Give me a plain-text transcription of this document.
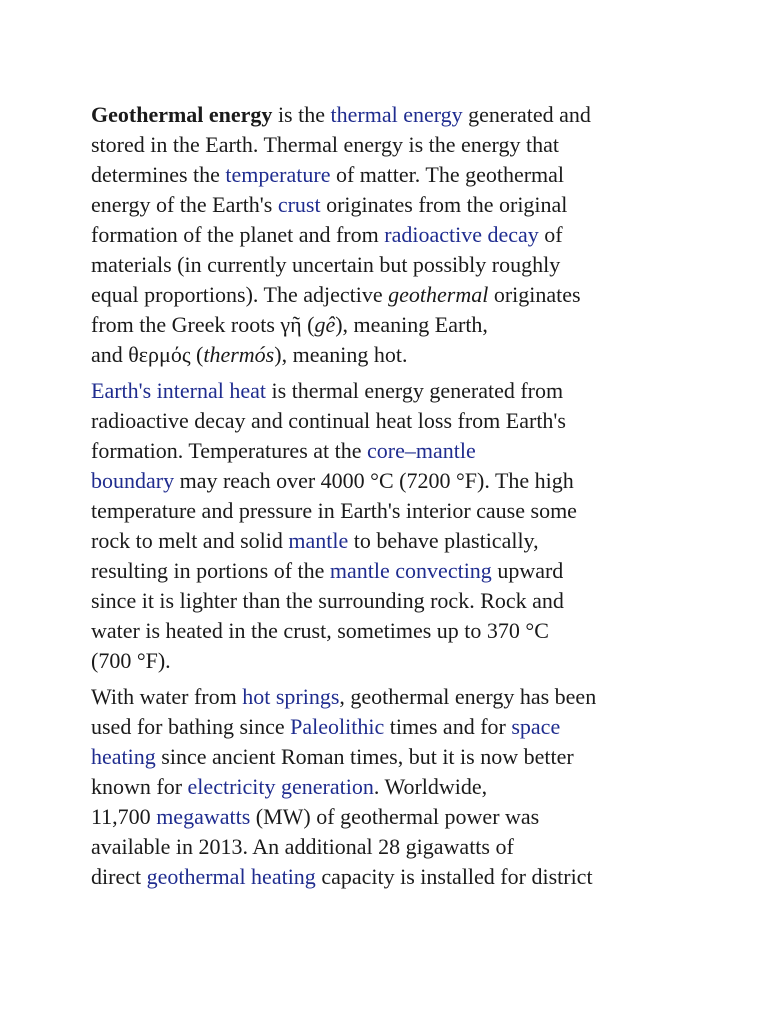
Geothermal energy is the thermal energy generated and
stored in the Earth. Thermal energy is the energy that
determines the temperature of matter. The geothermal
energy of the Earth's crust originates from the original
formation of the planet and from radioactive decay of
materials (in currently uncertain but possibly roughly
equal proportions). The adjective geothermal originates
from the Greek roots γῆ (gê), meaning Earth,
and θερμός (thermós), meaning hot.
Earth's internal heat is thermal energy generated from
radioactive decay and continual heat loss from Earth's
formation. Temperatures at the core–mantle
boundary may reach over 4000 °C (7200 °F). The high
temperature and pressure in Earth's interior cause some
rock to melt and solid mantle to behave plastically,
resulting in portions of the mantle convecting upward
since it is lighter than the surrounding rock. Rock and
water is heated in the crust, sometimes up to 370 °C
(700 °F).
With water from hot springs, geothermal energy has been
used for bathing since Paleolithic times and for space
heating since ancient Roman times, but it is now better
known for electricity generation. Worldwide,
11,700 megawatts (MW) of geothermal power was
available in 2013. An additional 28 gigawatts of
direct geothermal heating capacity is installed for district
